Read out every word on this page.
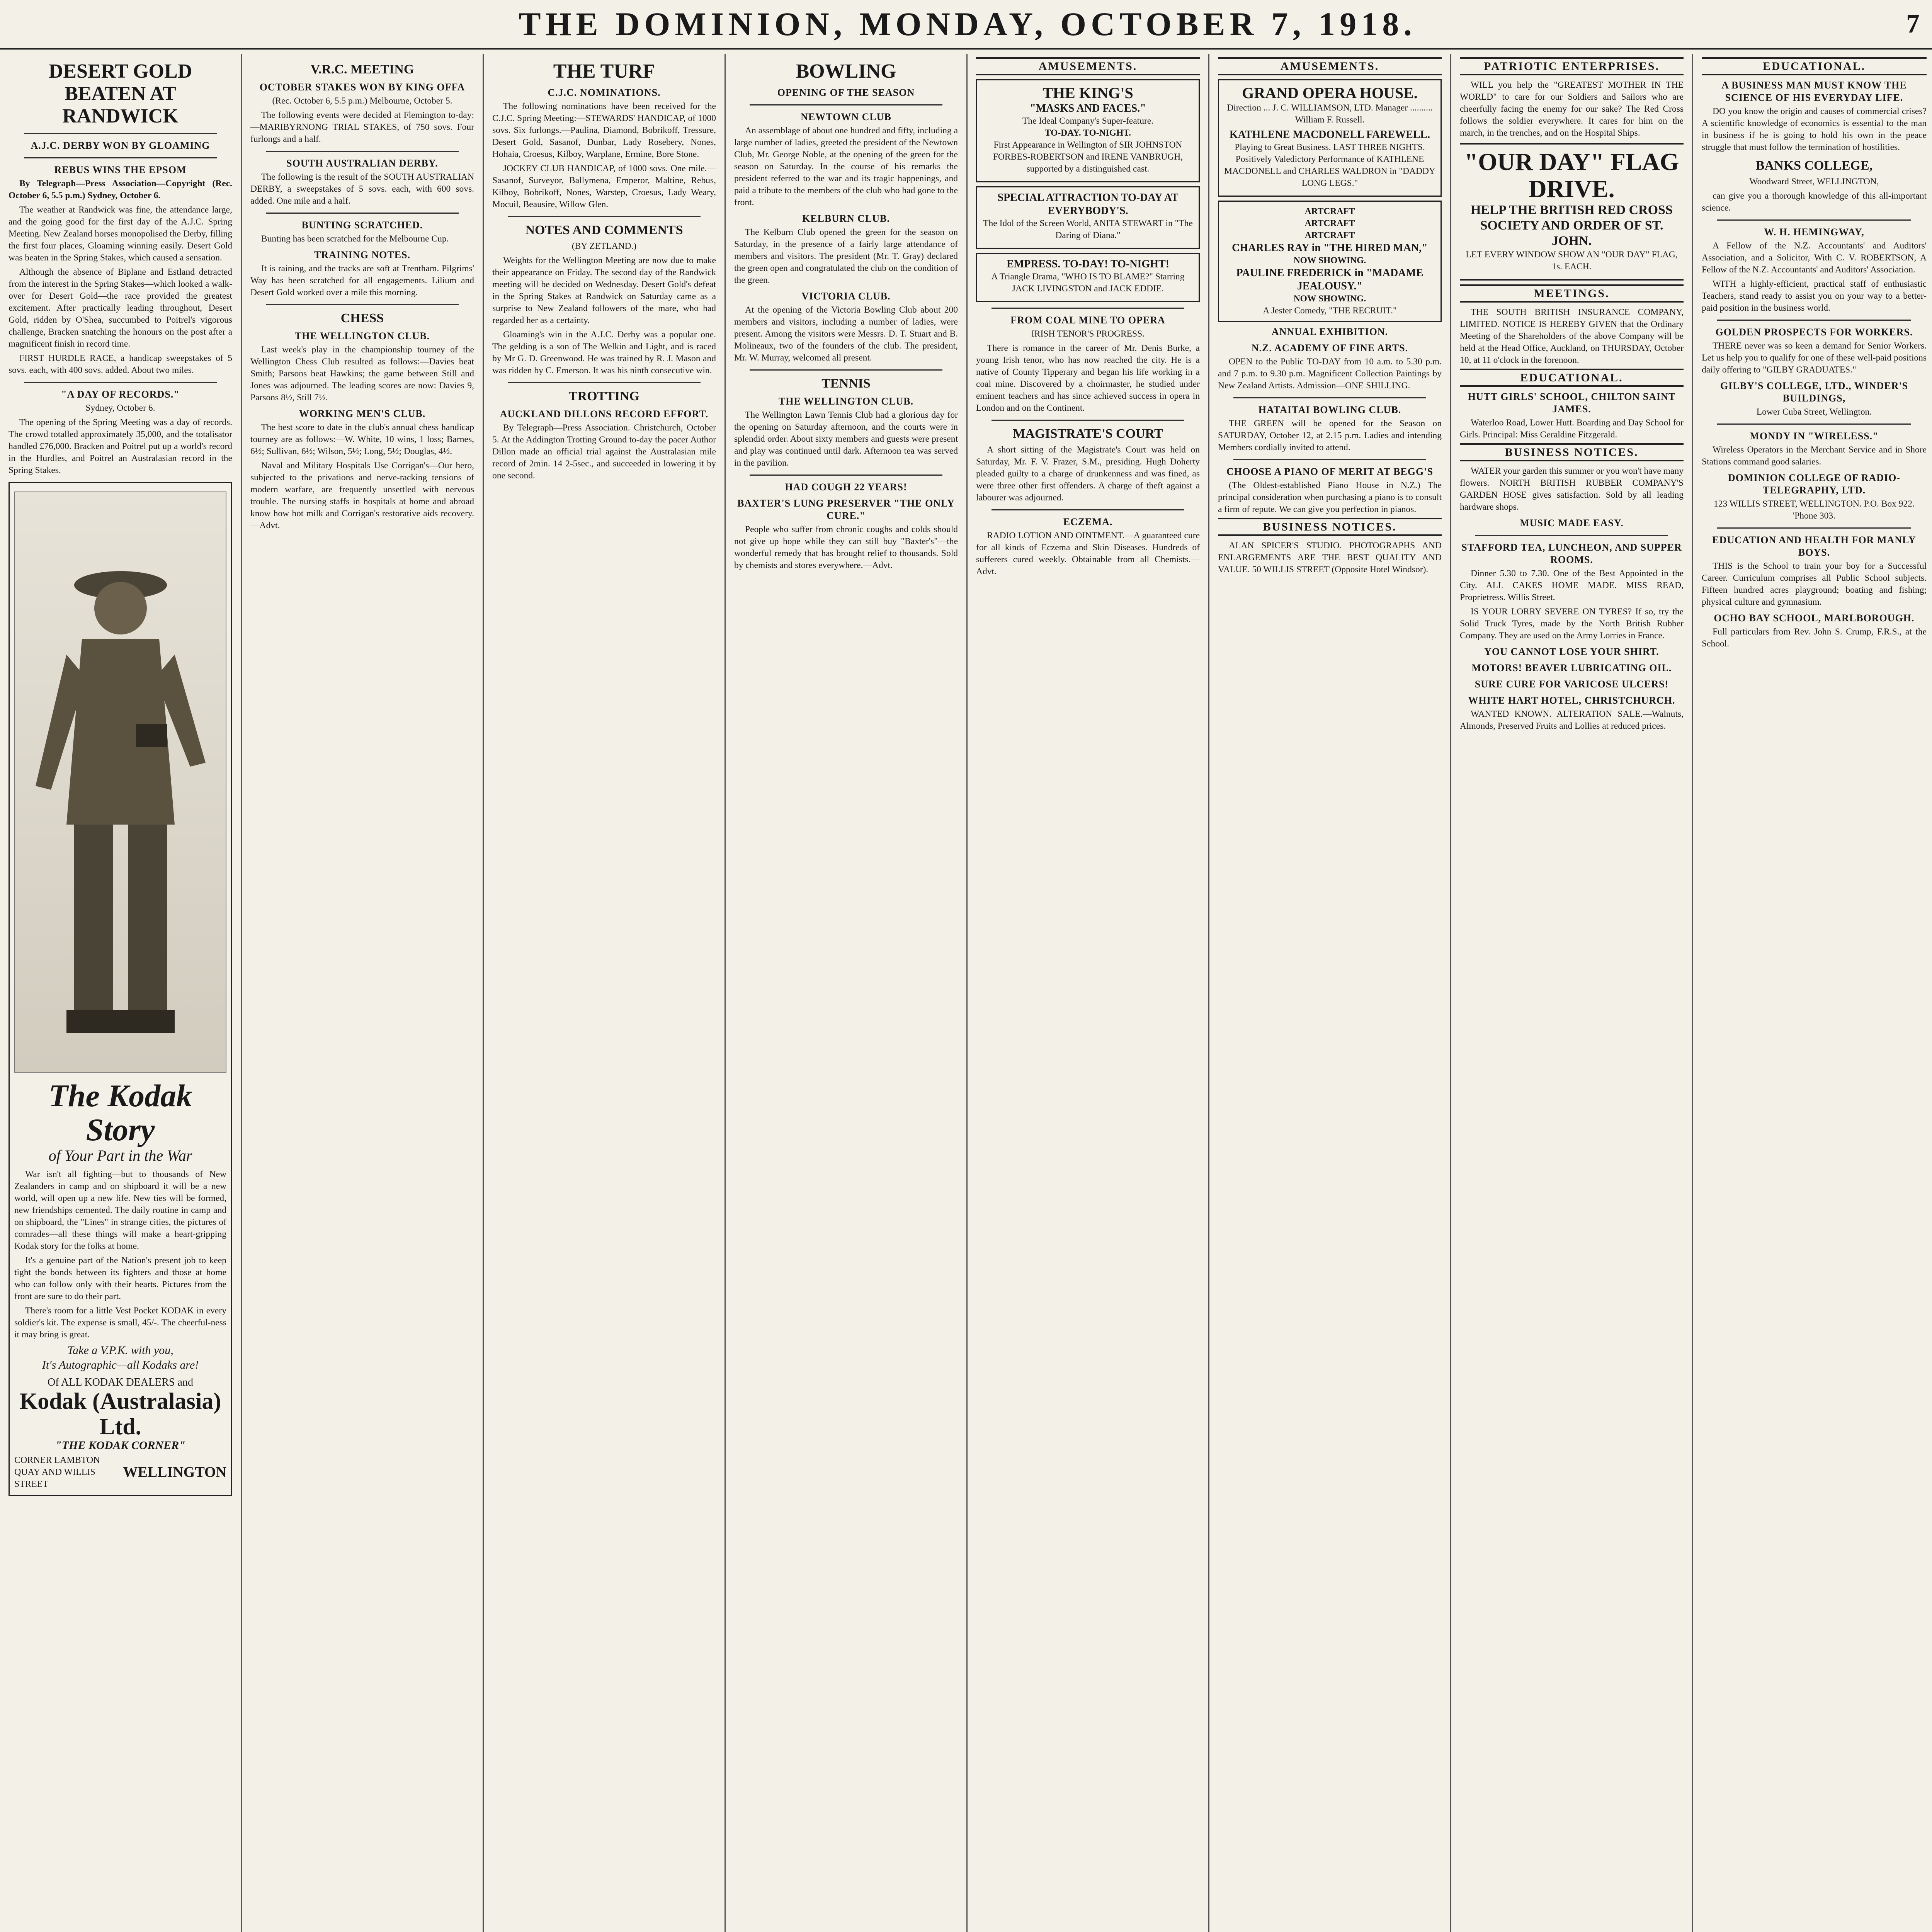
THE DOMINION, MONDAY, OCTOBER 7, 1918.	7
DESERT GOLD BEATEN AT RANDWICK
A.J.C. DERBY WON BY GLOAMING
REBUS WINS THE EPSOM

By Telegraph—Press Association—Copyright (Rec. October 6, 5.5 p.m.) Sydney, October 6.

The weather at Randwick was fine, the attendance large, and the going good for the first day of the A.J.C. Spring Meeting. New Zealand horses monopolised the Derby, filling the first four places, Gloaming winning easily. Desert Gold was beaten in the Spring Stakes, which caused a sensation.

Although the absence of Biplane and Estland detracted from the interest in the Spring Stakes—which looked a walk-over for Desert Gold—the race provided the greatest excitement. After practically leading throughout, Desert Gold, ridden by O'Shea, succumbed to Poitrel's vigorous challenge, Bracken snatching the honours on the post after a magnificent finish in record time.

FIRST HURDLE RACE, a handicap sweepstakes of 5 sovs. each, with 400 sovs. added. About two miles.

"A DAY OF RECORDS."

Sydney, October 6.

The opening of the Spring Meeting was a day of records. The crowd totalled approximately 35,000, and the totalisator handled £76,000. Bracken and Poitrel put up a world's record in the Hurdles, and Poitrel an Australasian record in the Spring Stakes.

The Kodak Story
of Your Part in the War

War isn't all fighting—but to thousands of New Zealanders in camp and on shipboard it will be a new world, will open up a new life. New ties will be formed, new friendships cemented. The daily routine in camp and on shipboard, the "Lines" in strange cities, the pictures of comrades—all these things will make a heart-gripping Kodak story for the folks at home.

It's a genuine part of the Nation's present job to keep tight the bonds between its fighters and those at home who can follow only with their hearts. Pictures from the front are sure to do their part.

There's room for a little Vest Pocket KODAK in every soldier's kit. The expense is small, 45/-. The cheerful-ness it may bring is great.

Take a V.P.K. with you,
It's Autographic—all Kodaks are!
Of ALL KODAK DEALERS and
Kodak (Australasia) Ltd.
"THE KODAK CORNER"
CORNER LAMBTON QUAY AND WILLIS STREET
WELLINGTON
V.R.C. MEETING
OCTOBER STAKES WON BY KING OFFA

(Rec. October 6, 5.5 p.m.) Melbourne, October 5.

The following events were decided at Flemington to-day:—MARIBYRNONG TRIAL STAKES, of 750 sovs. Four furlongs and a half.

SOUTH AUSTRALIAN DERBY.

The following is the result of the SOUTH AUSTRALIAN DERBY, a sweepstakes of 5 sovs. each, with 600 sovs. added. One mile and a half.

BUNTING SCRATCHED.

Bunting has been scratched for the Melbourne Cup.

TRAINING NOTES.

It is raining, and the tracks are soft at Trentham. Pilgrims' Way has been scratched for all engagements. Lilium and Desert Gold worked over a mile this morning.

CHESS
THE WELLINGTON CLUB.

Last week's play in the championship tourney of the Wellington Chess Club resulted as follows:—Davies beat Smith; Parsons beat Hawkins; the game between Still and Jones was adjourned. The leading scores are now: Davies 9, Parsons 8½, Still 7½.

WORKING MEN'S CLUB.

The best score to date in the club's annual chess handicap tourney are as follows:—W. White, 10 wins, 1 loss; Barnes, 6½; Sullivan, 6½; Wilson, 5½; Long, 5½; Douglas, 4½.

Naval and Military Hospitals Use Corrigan's—Our hero, subjected to the privations and nerve-racking tensions of modern warfare, are frequently unsettled with nervous trouble. The nursing staffs in hospitals at home and abroad know how hot milk and Corrigan's restorative aids recovery.—Advt.

THE TURF
C.J.C. NOMINATIONS.

The following nominations have been received for the C.J.C. Spring Meeting:—STEWARDS' HANDICAP, of 1000 sovs. Six furlongs.—Paulina, Diamond, Bobrikoff, Tressure, Desert Gold, Sasanof, Dunbar, Lady Rosebery, Nones, Hohaia, Croesus, Kilboy, Warplane, Ermine, Bore Stone.

JOCKEY CLUB HANDICAP, of 1000 sovs. One mile.—Sasanof, Surveyor, Ballymena, Emperor, Maltine, Rebus, Kilboy, Bobrikoff, Nones, Warstep, Croesus, Lady Weary, Mocuil, Beausire, Willow Glen.

NOTES AND COMMENTS

(BY ZETLAND.)

Weights for the Wellington Meeting are now due to make their appearance on Friday. The second day of the Randwick meeting will be decided on Wednesday. Desert Gold's defeat in the Spring Stakes at Randwick on Saturday came as a surprise to New Zealand followers of the mare, who had regarded her as a certainty.

Gloaming's win in the A.J.C. Derby was a popular one. The gelding is a son of The Welkin and Light, and is raced by Mr G. D. Greenwood. He was trained by R. J. Mason and was ridden by C. Emerson. It was his ninth consecutive win.

TROTTING
AUCKLAND DILLONS RECORD EFFORT.

By Telegraph—Press Association. Christchurch, October 5. At the Addington Trotting Ground to-day the pacer Author Dillon made an official trial against the Australasian mile record of 2min. 14 2-5sec., and succeeded in lowering it by one second.

BOWLING
OPENING OF THE SEASON
NEWTOWN CLUB

An assemblage of about one hundred and fifty, including a large number of ladies, greeted the president of the Newtown Club, Mr. George Noble, at the opening of the green for the season on Saturday. In the course of his remarks the president referred to the war and its tragic happenings, and paid a tribute to the members of the club who had gone to the front.

KELBURN CLUB.

The Kelburn Club opened the green for the season on Saturday, in the presence of a fairly large attendance of members and visitors. The president (Mr. T. Gray) declared the green open and congratulated the club on the condition of the green.

VICTORIA CLUB.

At the opening of the Victoria Bowling Club about 200 members and visitors, including a number of ladies, were present. Among the visitors were Messrs. D. T. Stuart and B. Molineaux, two of the founders of the club. The president, Mr. W. Murray, welcomed all present.

TENNIS
THE WELLINGTON CLUB.

The Wellington Lawn Tennis Club had a glorious day for the opening on Saturday afternoon, and the courts were in splendid order. About sixty members and guests were present and play was continued until dark. Afternoon tea was served in the pavilion.

HAD COUGH 22 YEARS!
BAXTER'S LUNG PRESERVER "THE ONLY CURE."

People who suffer from chronic coughs and colds should not give up hope while they can still buy "Baxter's"—the wonderful remedy that has brought relief to thousands. Sold by chemists and stores everywhere.—Advt.

AMUSEMENTS.
THE KING'S
"MASKS AND FACES."
The Ideal Company's Super-feature.
TO-DAY. TO-NIGHT.

First Appearance in Wellington of SIR JOHNSTON FORBES-ROBERTSON and IRENE VANBRUGH, supported by a distinguished cast.

SPECIAL ATTRACTION TO-DAY AT EVERYBODY'S.

The Idol of the Screen World, ANITA STEWART in "The Daring of Diana."

EMPRESS. TO-DAY! TO-NIGHT!

A Triangle Drama, "WHO IS TO BLAME?" Starring JACK LIVINGSTON and JACK EDDIE.

FROM COAL MINE TO OPERA

IRISH TENOR'S PROGRESS.

There is romance in the career of Mr. Denis Burke, a young Irish tenor, who has now reached the city. He is a native of County Tipperary and began his life working in a coal mine. Discovered by a choirmaster, he studied under eminent teachers and has since achieved success in opera in London and on the Continent.

MAGISTRATE'S COURT

A short sitting of the Magistrate's Court was held on Saturday, Mr. F. V. Frazer, S.M., presiding. Hugh Doherty pleaded guilty to a charge of drunkenness and was fined, as were three other first offenders. A charge of theft against a labourer was adjourned.

ECZEMA.

RADIO LOTION AND OINTMENT.—A guaranteed cure for all kinds of Eczema and Skin Diseases. Hundreds of sufferers cured weekly. Obtainable from all Chemists.—Advt.

AMUSEMENTS.
GRAND OPERA HOUSE.

Direction ... J. C. WILLIAMSON, LTD. Manager .......... William F. Russell.

KATHLENE MACDONELL FAREWELL.

Playing to Great Business. LAST THREE NIGHTS. Positively Valedictory Performance of KATHLENE MACDONELL and CHARLES WALDRON in "DADDY LONG LEGS."

ARTCRAFT
ARTCRAFT
ARTCRAFT
CHARLES RAY in "THE HIRED MAN,"
NOW SHOWING.
PAULINE FREDERICK in "MADAME JEALOUSY."
NOW SHOWING.
A Jester Comedy, "THE RECRUIT."
ANNUAL EXHIBITION.
N.Z. ACADEMY OF FINE ARTS.

OPEN to the Public TO-DAY from 10 a.m. to 5.30 p.m. and 7 p.m. to 9.30 p.m. Magnificent Collection Paintings by New Zealand Artists. Admission—ONE SHILLING.

HATAITAI BOWLING CLUB.

THE GREEN will be opened for the Season on SATURDAY, October 12, at 2.15 p.m. Ladies and intending Members cordially invited to attend.

CHOOSE A PIANO OF MERIT AT BEGG'S

(The Oldest-established Piano House in N.Z.) The principal consideration when purchasing a piano is to consult a firm of repute. We can give you perfection in pianos.

BUSINESS NOTICES.

ALAN SPICER'S STUDIO. PHOTOGRAPHS AND ENLARGEMENTS ARE THE BEST QUALITY AND VALUE. 50 WILLIS STREET (Opposite Hotel Windsor).

PATRIOTIC ENTERPRISES.

WILL you help the "GREATEST MOTHER IN THE WORLD" to care for our Soldiers and Sailors who are cheerfully facing the enemy for our sake? The Red Cross follows the soldier everywhere. It cares for him on the march, in the trenches, and on the Hospital Ships.

"OUR DAY" FLAG DRIVE.
HELP THE BRITISH RED CROSS SOCIETY AND ORDER OF ST. JOHN.

LET EVERY WINDOW SHOW AN "OUR DAY" FLAG, 1s. EACH.

MEETINGS.

THE SOUTH BRITISH INSURANCE COMPANY, LIMITED. NOTICE IS HEREBY GIVEN that the Ordinary Meeting of the Shareholders of the above Company will be held at the Head Office, Auckland, on THURSDAY, October 10, at 11 o'clock in the forenoon.

EDUCATIONAL.
HUTT GIRLS' SCHOOL, CHILTON SAINT JAMES.

Waterloo Road, Lower Hutt. Boarding and Day School for Girls. Principal: Miss Geraldine Fitzgerald.

BUSINESS NOTICES.

WATER your garden this summer or you won't have many flowers. NORTH BRITISH RUBBER COMPANY'S GARDEN HOSE gives satisfaction. Sold by all leading hardware shops.

MUSIC MADE EASY.
STAFFORD TEA, LUNCHEON, AND SUPPER ROOMS.

Dinner 5.30 to 7.30. One of the Best Appointed in the City. ALL CAKES HOME MADE. MISS READ, Proprietress. Willis Street.

IS YOUR LORRY SEVERE ON TYRES? If so, try the Solid Truck Tyres, made by the North British Rubber Company. They are used on the Army Lorries in France.

YOU CANNOT LOSE YOUR SHIRT.
MOTORS! BEAVER LUBRICATING OIL.
SURE CURE FOR VARICOSE ULCERS!
WHITE HART HOTEL, CHRISTCHURCH.

WANTED KNOWN. ALTERATION SALE.—Walnuts, Almonds, Preserved Fruits and Lollies at reduced prices.

EDUCATIONAL.
A BUSINESS MAN MUST KNOW THE SCIENCE OF HIS EVERYDAY LIFE.

DO you know the origin and causes of commercial crises? A scientific knowledge of economics is essential to the man in business if he is going to hold his own in the peace struggle that must follow the termination of hostilities.

BANKS COLLEGE,

Woodward Street, WELLINGTON,

can give you a thorough knowledge of this all-important science.

W. H. HEMINGWAY,

A Fellow of the N.Z. Accountants' and Auditors' Association, and a Solicitor, With C. V. ROBERTSON, A Fellow of the N.Z. Accountants' and Auditors' Association.

WITH a highly-efficient, practical staff of enthusiastic Teachers, stand ready to assist you on your way to a better-paid position in the business world.

GOLDEN PROSPECTS FOR WORKERS.

THERE never was so keen a demand for Senior Workers. Let us help you to qualify for one of these well-paid positions daily offering to "GILBY GRADUATES."

GILBY'S COLLEGE, LTD., WINDER'S BUILDINGS,

Lower Cuba Street, Wellington.

MONDY IN "WIRELESS."

Wireless Operators in the Merchant Service and in Shore Stations command good salaries.

DOMINION COLLEGE OF RADIO-TELEGRAPHY, LTD.

123 WILLIS STREET, WELLINGTON. P.O. Box 922. 'Phone 303.

EDUCATION AND HEALTH FOR MANLY BOYS.

THIS is the School to train your boy for a Successful Career. Curriculum comprises all Public School subjects. Fifteen hundred acres playground; boating and fishing; physical culture and gymnasium.

OCHO BAY SCHOOL, MARLBOROUGH.

Full particulars from Rev. John S. Crump, F.R.S., at the School.
